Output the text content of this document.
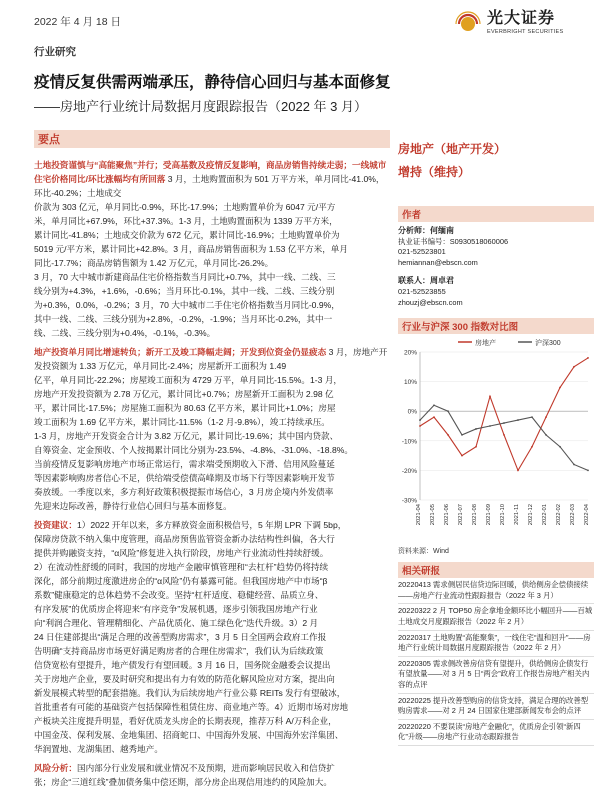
2022 年 4 月 18 日	光大证券
EVERBRIGHT SECURITIES
行业研究
疫情反复供需两端承压，静待信心回归与基本面修复
——房地产行业统计局数据月度跟踪报告（2022 年 3 月）
要点

土地投资谨慎与“高能聚焦”并行；受高基数及疫情反复影响，商品房销售持续走弱；一线城市住宅价格同比/环比涨幅均有所回落 3 月，土地购置面积为 501 万平方米，单月同比-41.0%，环比-40.2%；土地成交
价款为 303 亿元，单月同比-0.9%，环比-17.9%；土地购置单价为 6047 元/平方
米，单月同比+67.9%，环比+37.3%。1-3 月，土地购置面积为 1339 万平方米，
累计同比-41.8%；土地成交价款为 672 亿元，累计同比-16.9%；土地购置单价为
5019 元/平方米，累计同比+42.8%。3 月，商品房销售面积为 1.53 亿平方米，单月
同比-17.7%；商品房销售额为 1.42 万亿元，单月同比-26.2%。
3 月，70 大中城市新建商品住宅价格指数当月同比+0.7%，其中一线、二线、三
线分别为+4.3%，+1.6%，-0.6%；当月环比-0.1%，其中一线、二线、三线分别
为+0.3%，0.0%，-0.2%；3 月，70 大中城市二手住宅价格指数当月同比-0.9%，
其中一线、二线、三线分别为+2.8%，-0.2%，-1.9%；当月环比-0.2%，其中一
线、二线、三线分别为+0.4%，-0.1%，-0.3%。

地产投资单月同比增速转负；新开工及竣工降幅走阔；开发到位资金仍显疲态 3 月，房地产开发投资额为 1.33 万亿元，单月同比-2.4%；房屋新开工面积为 1.49
亿平，单月同比-22.2%；房屋竣工面积为 4729 万平，单月同比-15.5%。1-3 月，
房地产开发投资额为 2.78 万亿元，累计同比+0.7%；房屋新开工面积为 2.98 亿
平，累计同比-17.5%；房屋施工面积为 80.63 亿平方米，累计同比+1.0%；房屋
竣工面积为 1.69 亿平方米，累计同比-11.5%（1-2 月-9.8%），竣工持续承压。
1-3 月，房地产开发资金合计为 3.82 万亿元，累计同比-19.6%；其中国内贷款、
自筹资金、定金预收、个人按揭累计同比分别为-23.5%、-4.8%、-31.0%、-18.8%。
当前疫情反复影响房地产市场正常运行，需求端受预期收入下滑、信用风险蔓延
等因素影响购房者信心不足，供给端受偿债高峰期及市场下行等因素影响开发节
奏放缓。一季度以来，多方利好政策积极提振市场信心，3 月房企境内外发债率
先迎来边际改善，静待行业信心回归与基本面修复。

投资建议：1）2022 开年以来，多方释放资金面积极信号，5 年期 LPR 下调 5bp，
保障房贷款不纳入集中度管理，商品房预售监管资金新办法结构性纠偏，各大行
提供并购融资支持，“α风险”修复进入执行阶段，房地产行业流动性持续舒缓。
2）在流动性舒缓的同时，我国的房地产金融审慎管理和“去杠杆”趋势仍将持续
深化，部分前期过度激进房企的“α风险”仍有暴露可能。但我国房地产中市场“β
系数”健康稳定的总体趋势不会改变。坚持“杠杆适度、稳健经营、品质立身、
有序发展”的优质房企将迎来“有序竞争”发展机遇，逐步引领我国房地产行业
向“利润合理化、管理精细化、产品优质化、施工绿色化”迭代升级。3）2 月
24 日住建部提出“满足合理的改善型购房需求”，3 月 5 日全国两会政府工作报
告明确“支持商品房市场更好满足购房者的合理住房需求”，我们认为后续政策
信贷宽松有望提升，地产债发行有望回暖。3 月 16 日，国务院金融委会议提出
关于房地产企业，要及时研究和提出有力有效的防范化解风险应对方案，提出向
新发展模式转型的配套措施。我们认为后续房地产行业公募 REITs 发行有望破冰，
首批重者有可能的基础资产包括保障性租赁住房、商业地产等。4）近期市场对房地
产板块关注度提升明显，看好优质龙头房企的长期表现，推荐万科 A/万科企业，
中国金茂、保利发展、金地集团、招商蛇口、中国海外发展、中国海外宏洋集团、
华润置地、龙湖集团、越秀地产。

风险分析：国内部分行业发展和就业情况不及预期，进而影响居民收入和信贷扩
张；房企“三道红线”叠加债务集中偿还期，部分房企出现信用违约的风险加大。

房地产（地产开发）
增持（维持）
作者
分析师：何缅南
执业证书编号：S0930518060006
021-52523801
hemiannan@ebscn.com
联系人：周卓君
021-52523855
zhouzj@ebscn.com
行业与沪深 300 指数对比图
房地产	沪深300
-30%
-20%
-10%
0%
10%
20%
2021-04 2021-05 2021-06 2021-07 2021-08 2021-09 2021-10 2021-11 2021-12 2022-01 2022-02 2022-03 2022-04
资料来源：Wind
相关研报
20220413 需求侧居民信贷边际回暖，供给侧房企偿债接续——房地产行业流动性跟踪报告（2022 年 3 月）
20220322 2 月 TOP50 房企拿地金额环比小幅回升——百城土地成交月度跟踪报告（2022 年 2 月）
20220317 土地购置“高能聚集”，一线住宅“温和回升”——房地产行业统计局数据月度跟踪报告（2022 年 2 月）
20220305 需求侧改善房信贷有望提升，供给侧房企债发行有望放量——对 3 月 5 日“两会”政府工作报告房地产相关内容的点评
20220225 提升改善型购房的信贷支持，满足合理的改善型购房需求——对 2 月 24 日国家住建部新闻发布会的点评
20220220 不要误读“房地产金融化”，优质房企引领“新四化”升级——房地产行业动态跟踪报告
